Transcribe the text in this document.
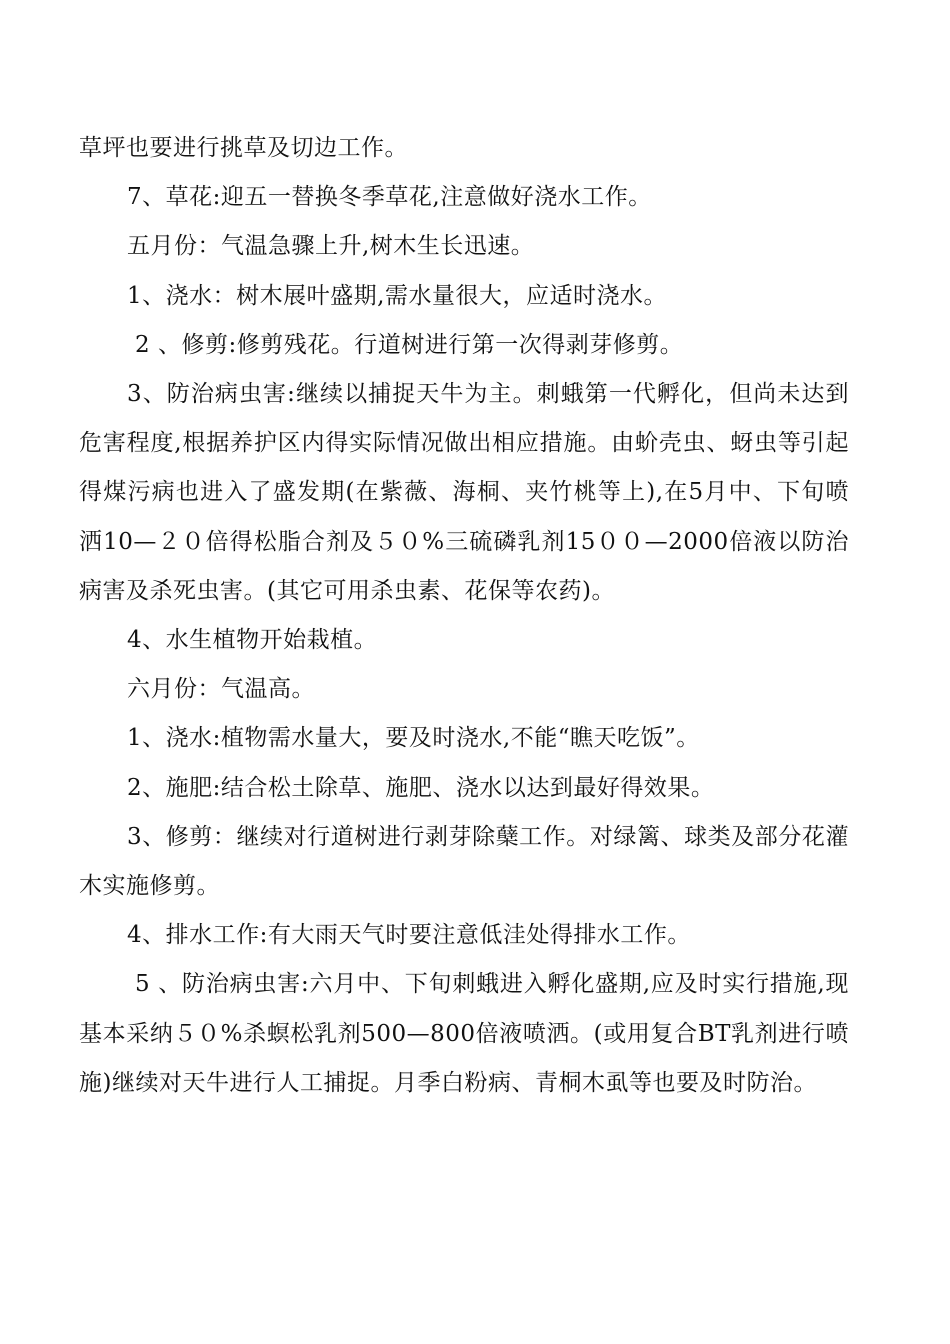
草坪也要进行挑草及切边工作。

7、草花:迎五一替换冬季草花,注意做好浇水工作。

五月份：气温急骤上升,树木生长迅速。

1、浇水：树木展叶盛期,需水量很大，应适时浇水。

2 、修剪:修剪残花。行道树进行第一次得剥芽修剪。

3、防治病虫害:继续以捕捉天牛为主。刺蛾第一代孵化，但尚未达到危害程度,根据养护区内得实际情况做出相应措施。由蚧壳虫、蚜虫等引起得煤污病也进入了盛发期(在紫薇、海桐、夹竹桃等上),在5月中、下旬喷洒10—２０倍得松脂合剂及５０%三硫磷乳剂15００—2000倍液以防治病害及杀死虫害。(其它可用杀虫素、花保等农药)。

4、水生植物开始栽植。

六月份：气温高。

1、浇水:植物需水量大，要及时浇水,不能“瞧天吃饭”。

2、施肥:结合松土除草、施肥、浇水以达到最好得效果。

3、修剪：继续对行道树进行剥芽除蘖工作。对绿篱、球类及部分花灌木实施修剪。

4、排水工作:有大雨天气时要注意低洼处得排水工作。

5 、防治病虫害:六月中、下旬刺蛾进入孵化盛期,应及时实行措施,现基本采纳５０%杀螟松乳剂500—800倍液喷洒。(或用复合BT乳剂进行喷施)继续对天牛进行人工捕捉。月季白粉病、青桐木虱等也要及时防治。
